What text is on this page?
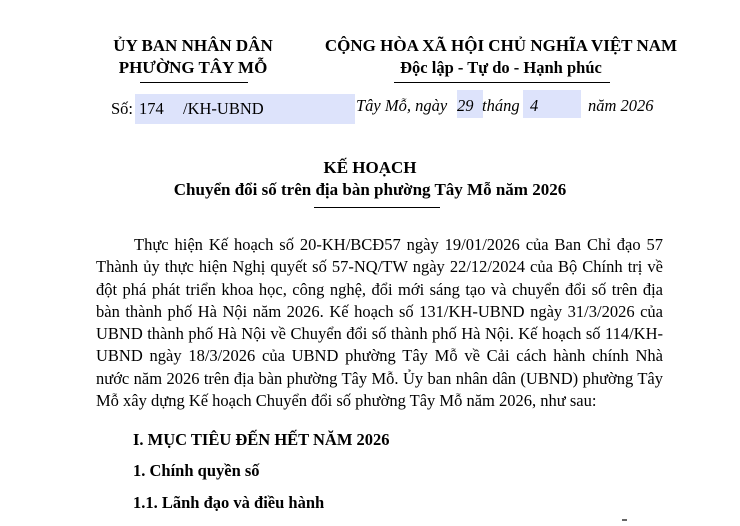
ỦY BAN NHÂN DÂN
PHƯỜNG TÂY MỖ
CỘNG HÒA XÃ HỘI CHỦ NGHĨA VIỆT NAM
Độc lập - Tự do - Hạnh phúc
Số: 174 /KH-UBND	Tây Mỗ, ngày 29 tháng 4	năm 2026
KẾ HOẠCH
Chuyển đổi số trên địa bàn phường Tây Mỗ năm 2026

Thực hiện Kế hoạch số 20-KH/BCĐ57 ngày 19/01/2026 của Ban Chỉ đạo 57 Thành ủy thực hiện Nghị quyết số 57-NQ/TW ngày 22/12/2024 của Bộ Chính trị về đột phá phát triển khoa học, công nghệ, đổi mới sáng tạo và chuyển đổi số trên địa bàn thành phố Hà Nội năm 2026. Kế hoạch số 131/KH-UBND ngày 31/3/2026 của UBND thành phố Hà Nội về Chuyển đổi số thành phố Hà Nội. Kế hoạch số 114/KH-UBND ngày 18/3/2026 của UBND phường Tây Mỗ về Cải cách hành chính Nhà nước năm 2026 trên địa bàn phường Tây Mỗ. Ủy ban nhân dân (UBND) phường Tây Mỗ xây dựng Kế hoạch Chuyển đổi số phường Tây Mỗ năm 2026, như sau:

I. MỤC TIÊU ĐẾN HẾT NĂM 2026
1. Chính quyền số
1.1. Lãnh đạo và điều hành
